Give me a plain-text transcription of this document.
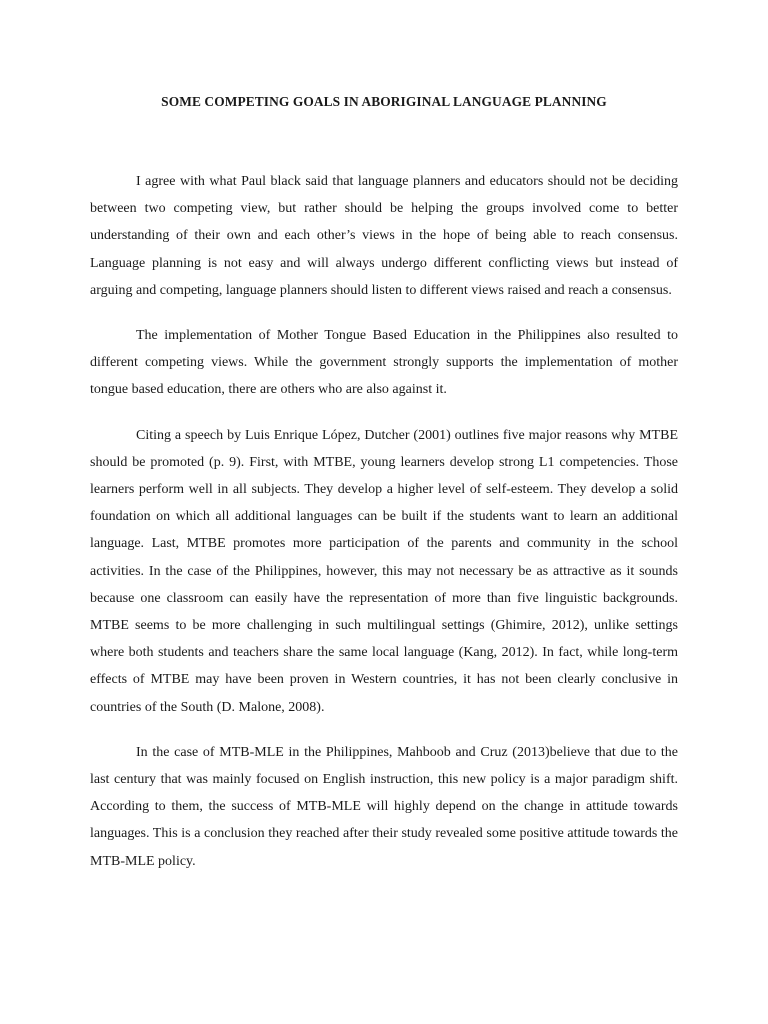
SOME COMPETING GOALS IN ABORIGINAL LANGUAGE PLANNING

I agree with what Paul black said that language planners and educators should not be deciding between two competing view, but rather should be helping the groups involved come to better understanding of their own and each other’s views in the hope of being able to reach consensus. Language planning is not easy and will always undergo different conflicting views but instead of arguing and competing, language planners should listen to different views raised and reach a consensus.

The implementation of Mother Tongue Based Education in the Philippines also resulted to different competing views. While the government strongly supports the implementation of mother tongue based education, there are others who are also against it.

Citing a speech by Luis Enrique López, Dutcher (2001) outlines five major reasons why MTBE should be promoted (p. 9). First, with MTBE, young learners develop strong L1 competencies. Those learners perform well in all subjects. They develop a higher level of self-esteem. They develop a solid foundation on which all additional languages can be built if the students want to learn an additional language. Last, MTBE promotes more participation of the parents and community in the school activities. In the case of the Philippines, however, this may not necessary be as attractive as it sounds because one classroom can easily have the representation of more than five linguistic backgrounds. MTBE seems to be more challenging in such multilingual settings (Ghimire, 2012), unlike settings where both students and teachers share the same local language (Kang, 2012). In fact, while long-term effects of MTBE may have been proven in Western countries, it has not been clearly conclusive in countries of the South (D. Malone, 2008).

In the case of MTB-MLE in the Philippines, Mahboob and Cruz (2013)believe that due to the last century that was mainly focused on English instruction, this new policy is a major paradigm shift. According to them, the success of MTB-MLE will highly depend on the change in attitude towards languages. This is a conclusion they reached after their study revealed some positive attitude towards the MTB-MLE policy.
